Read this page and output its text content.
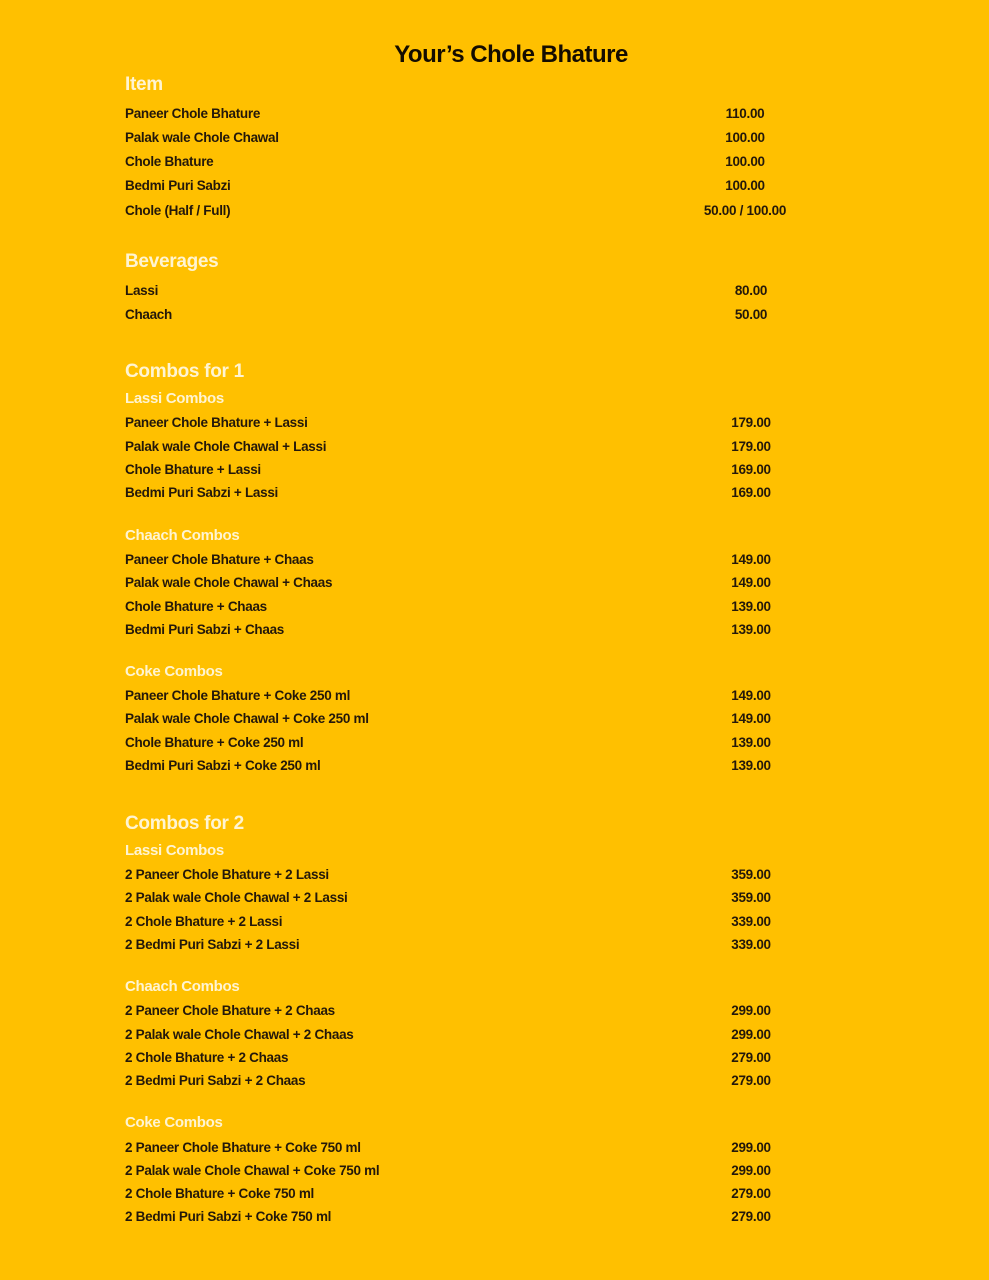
Your’s Chole Bhature
Item
Paneer Chole Bhature	110.00
Palak wale Chole Chawal	100.00
Chole Bhature	100.00
Bedmi Puri Sabzi	100.00
Chole (Half / Full)	50.00 / 100.00
Beverages
Lassi	80.00
Chaach	50.00
Combos for 1
Lassi Combos
Paneer Chole Bhature + Lassi	179.00
Palak wale Chole Chawal + Lassi	179.00
Chole Bhature + Lassi	169.00
Bedmi Puri Sabzi + Lassi	169.00
Chaach Combos
Paneer Chole Bhature + Chaas	149.00
Palak wale Chole Chawal + Chaas	149.00
Chole Bhature + Chaas	139.00
Bedmi Puri Sabzi + Chaas	139.00
Coke Combos
Paneer Chole Bhature + Coke 250 ml	149.00
Palak wale Chole Chawal + Coke 250 ml	149.00
Chole Bhature + Coke 250 ml	139.00
Bedmi Puri Sabzi + Coke 250 ml	139.00
Combos for 2
Lassi Combos
2 Paneer Chole Bhature + 2 Lassi	359.00
2 Palak wale Chole Chawal + 2 Lassi	359.00
2 Chole Bhature + 2 Lassi	339.00
2 Bedmi Puri Sabzi + 2 Lassi	339.00
Chaach Combos
2 Paneer Chole Bhature + 2 Chaas	299.00
2 Palak wale Chole Chawal + 2 Chaas	299.00
2 Chole Bhature + 2 Chaas	279.00
2 Bedmi Puri Sabzi + 2 Chaas	279.00
Coke Combos
2 Paneer Chole Bhature + Coke 750 ml	299.00
2 Palak wale Chole Chawal + Coke 750 ml	299.00
2 Chole Bhature + Coke 750 ml	279.00
2 Bedmi Puri Sabzi + Coke 750 ml	279.00
